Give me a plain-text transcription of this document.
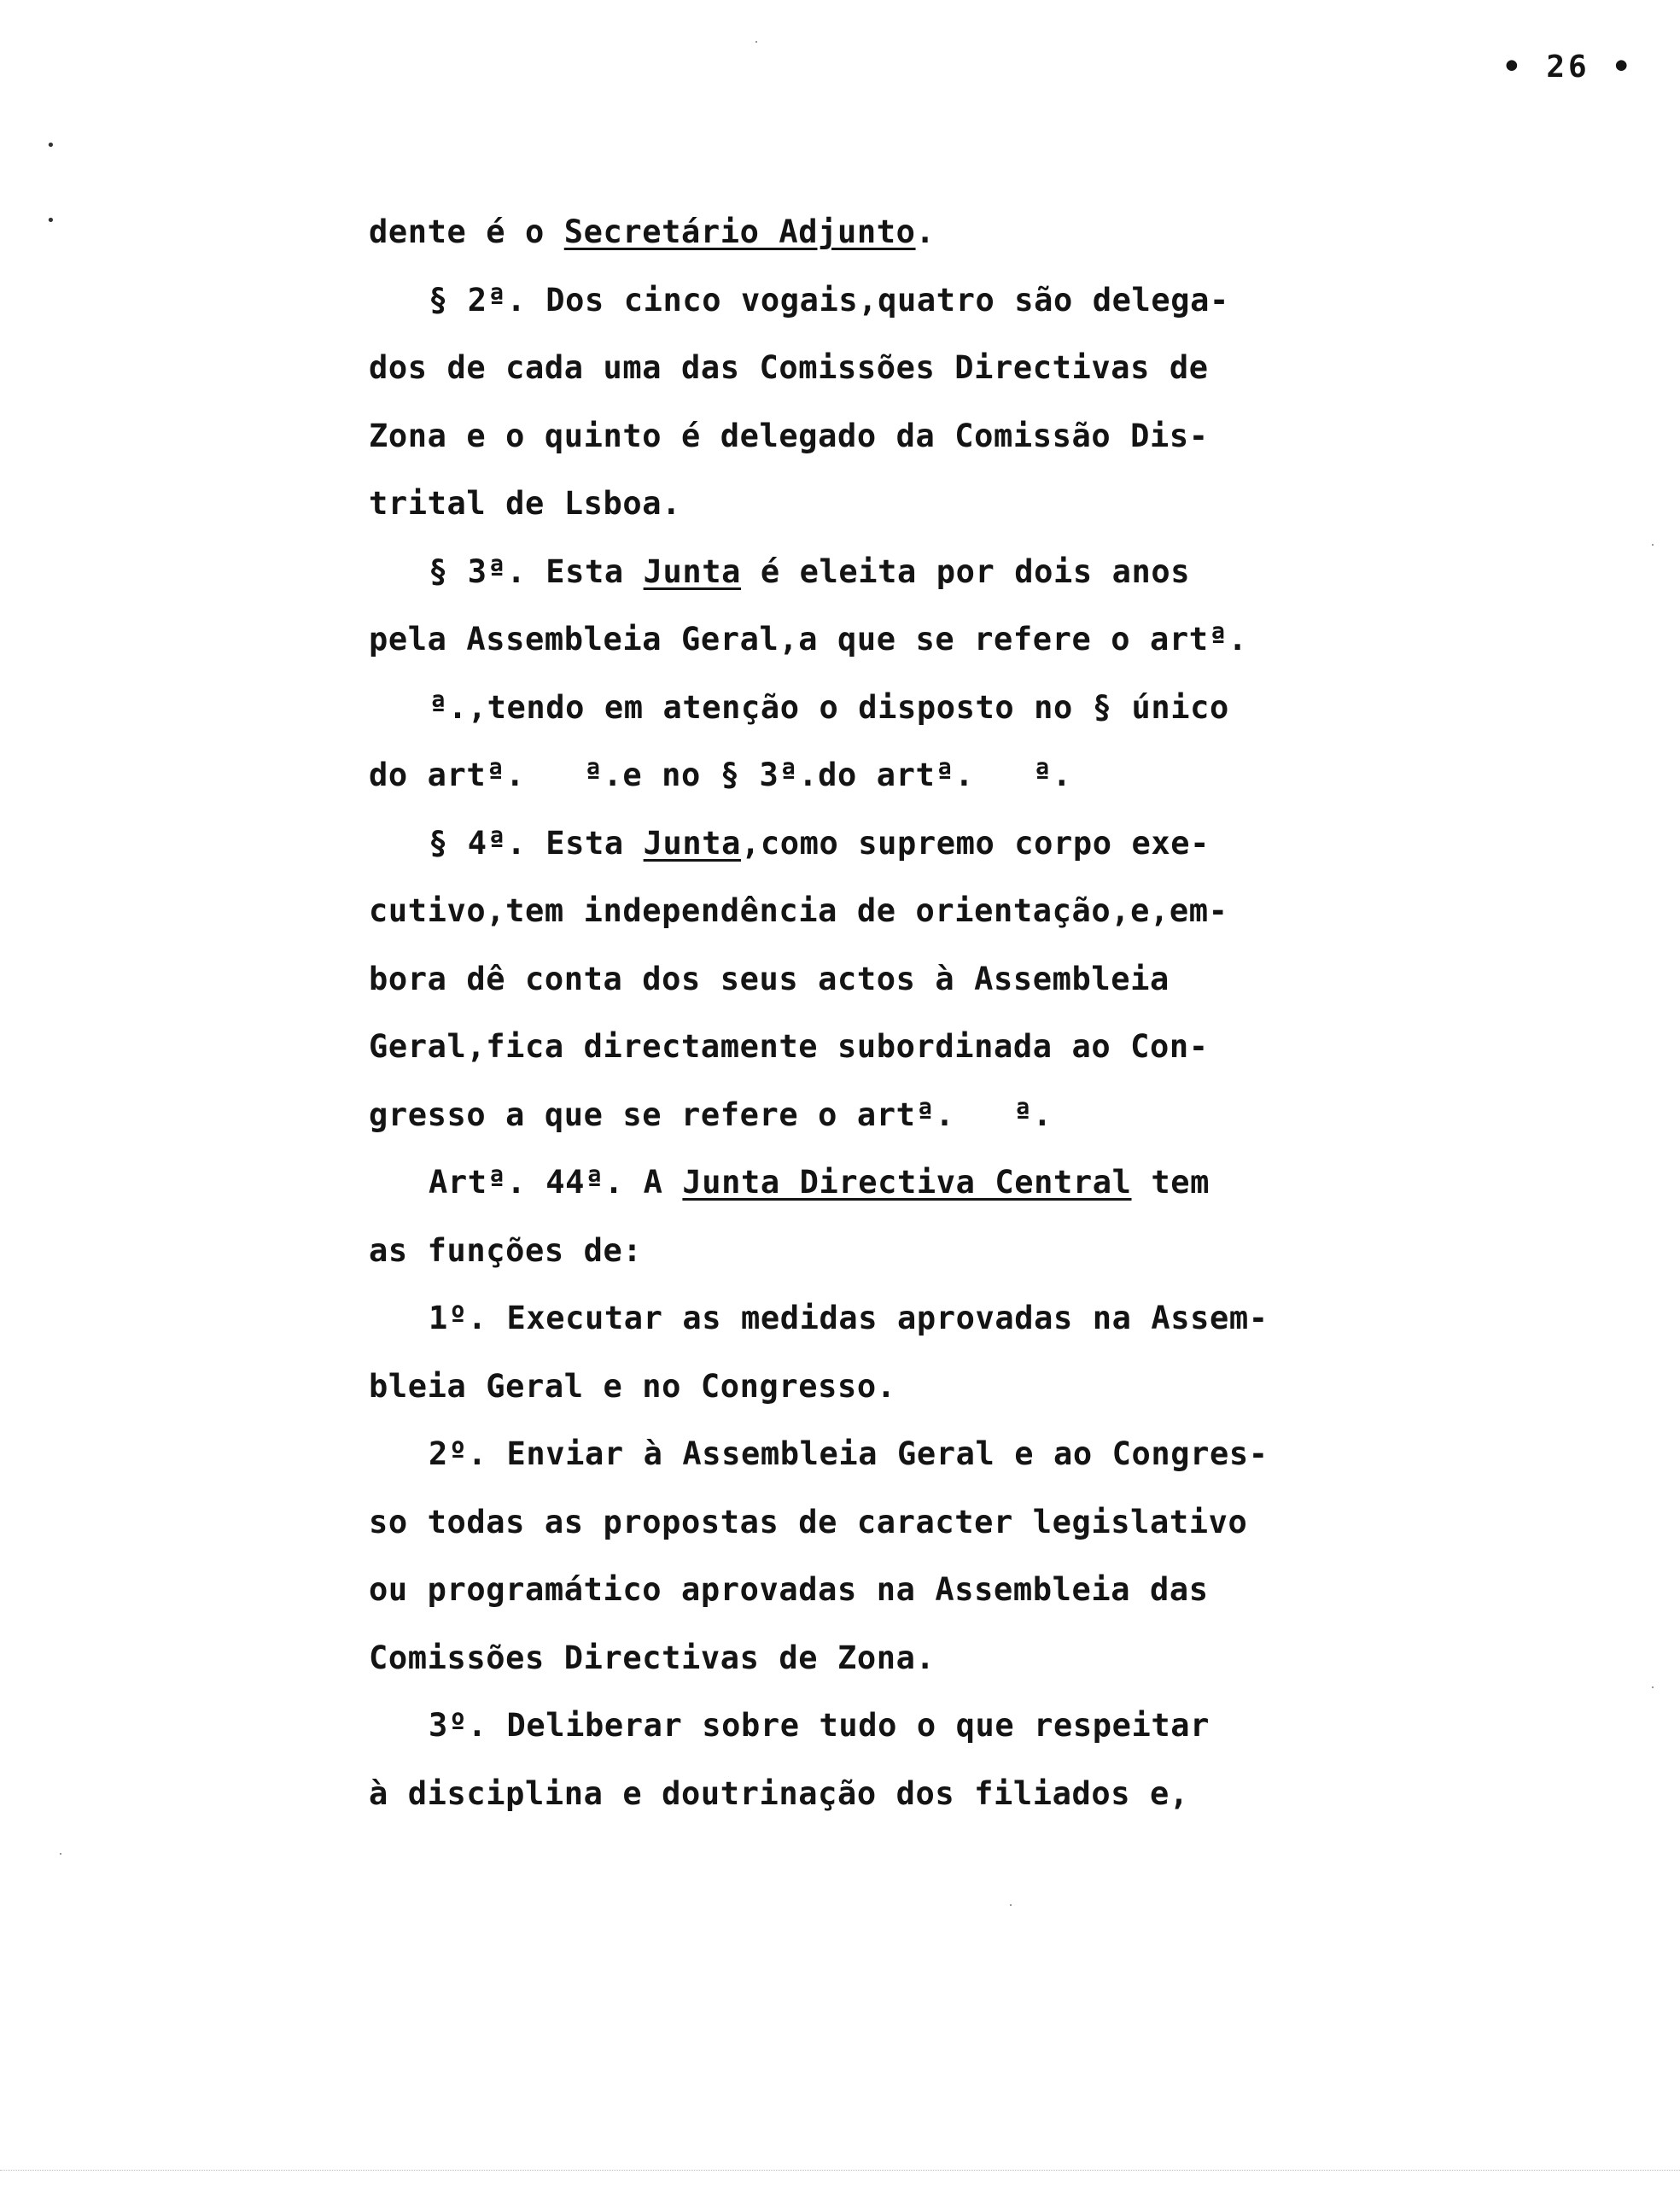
• 26 •
•
•	dente é o Secretário Adjunto.
§ 2ª. Dos cinco vogais,quatro são delega-
dos de cada uma das Comissões Directivas de
Zona e o quinto é delegado da Comissão Dis-
trital de Lsboa.
§ 3ª. Esta Junta é eleita por dois anos
pela Assembleia Geral,a que se refere o artª.
ª.,tendo em atenção o disposto no § único
do artª.   ª.e no § 3ª.do artª.   ª.
§ 4ª. Esta Junta,como supremo corpo exe-
cutivo,tem independência de orientação,e,em-
bora dê conta dos seus actos à Assembleia
Geral,fica directamente subordinada ao Con-
gresso a que se refere o artª.   ª.
Artª. 44ª. A Junta Directiva Central tem
as funções de:
1º. Executar as medidas aprovadas na Assem-
bleia Geral e no Congresso.
2º. Enviar à Assembleia Geral e ao Congres-
so todas as propostas de caracter legislativo
ou programático aprovadas na Assembleia das
Comissões Directivas de Zona.
3º. Deliberar sobre tudo o que respeitar
à disciplina e doutrinação dos filiados e,
